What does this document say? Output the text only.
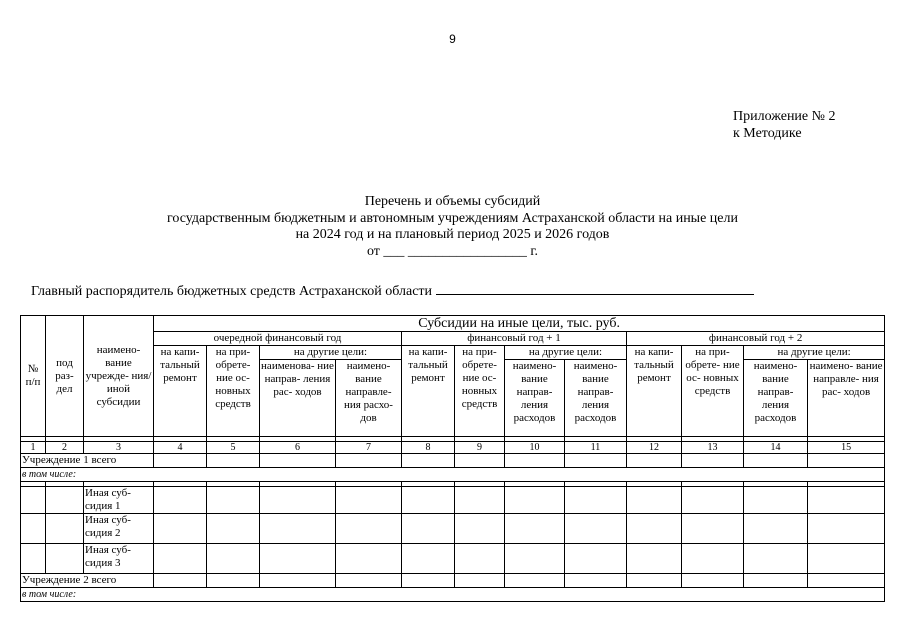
9
Приложение № 2
к Методике
Перечень и объемы субсидий
государственным бюджетным и автономным учреждениям Астраханской области на иные цели
на 2024 год и на плановый период 2025 и 2026 годов
от ___ _________________ г.
Главный распорядитель бюджетных средств Астраханской области
№ п/п	под раз- дел	наимено- вание учрежде- ния/иной субсидии	Субсидии на иные цели, тыс. руб.											
			очередной финансовый год				финансовый год + 1				финансовый год + 2			
			на капи- тальный ремонт	на при- обрете- ние ос- новных средств	на другие цели:		на капи- тальный ремонт	на при- обрете- ние ос- новных средств	на другие цели:		на капи- тальный ремонт	на при- обрете- ние ос- новных средств	на другие цели:	
					наименова- ние направ- ления рас- ходов	наимено- вание направле- ния расхо- дов			наимено- вание направ- ления расходов	наимено- вание направ- ления расходов			наимено- вание направ- ления расходов	наимено- вание направле- ния рас- ходов

1	2	3	4	5	6	7	8	9	10	11	12	13	14	15
Учреждение 1 всего														
в том числе:														

		Иная суб- сидия 1												
		Иная суб- сидия 2												
		Иная суб- сидия 3												
Учреждение 2 всего														
в том числе:														
